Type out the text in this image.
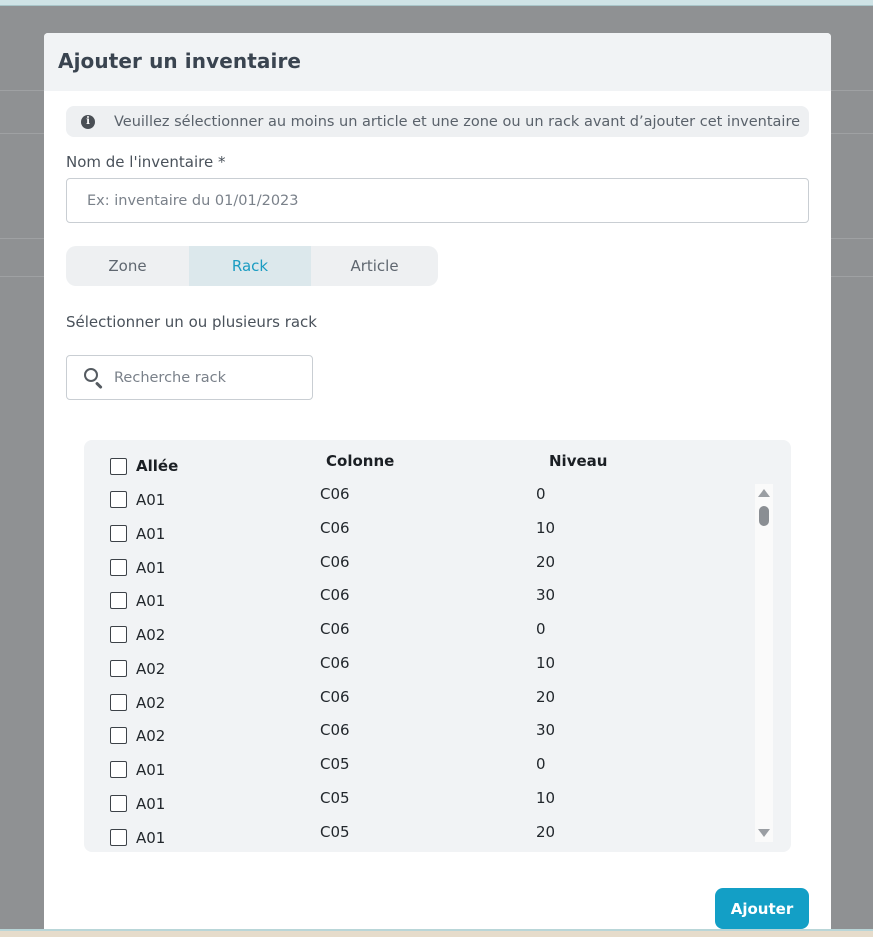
Ajouter un inventaire
i	Veuillez sélectionner au moins un article et une zone ou un rack avant d’ajouter cet inventaire
Nom de l'inventaire *
Ex: inventaire du 01/01/2023
Zone	Rack	Article
Sélectionner un ou plusieurs rack
Recherche rack
Allée	Colonne	Niveau
A01	C06	0
A01	C06	10
A01	C06	20
A01	C06	30
A02	C06	0
A02	C06	10
A02	C06	20
A02	C06	30
A01	C05	0
A01	C05	10
A01	C05	20
Ajouter
